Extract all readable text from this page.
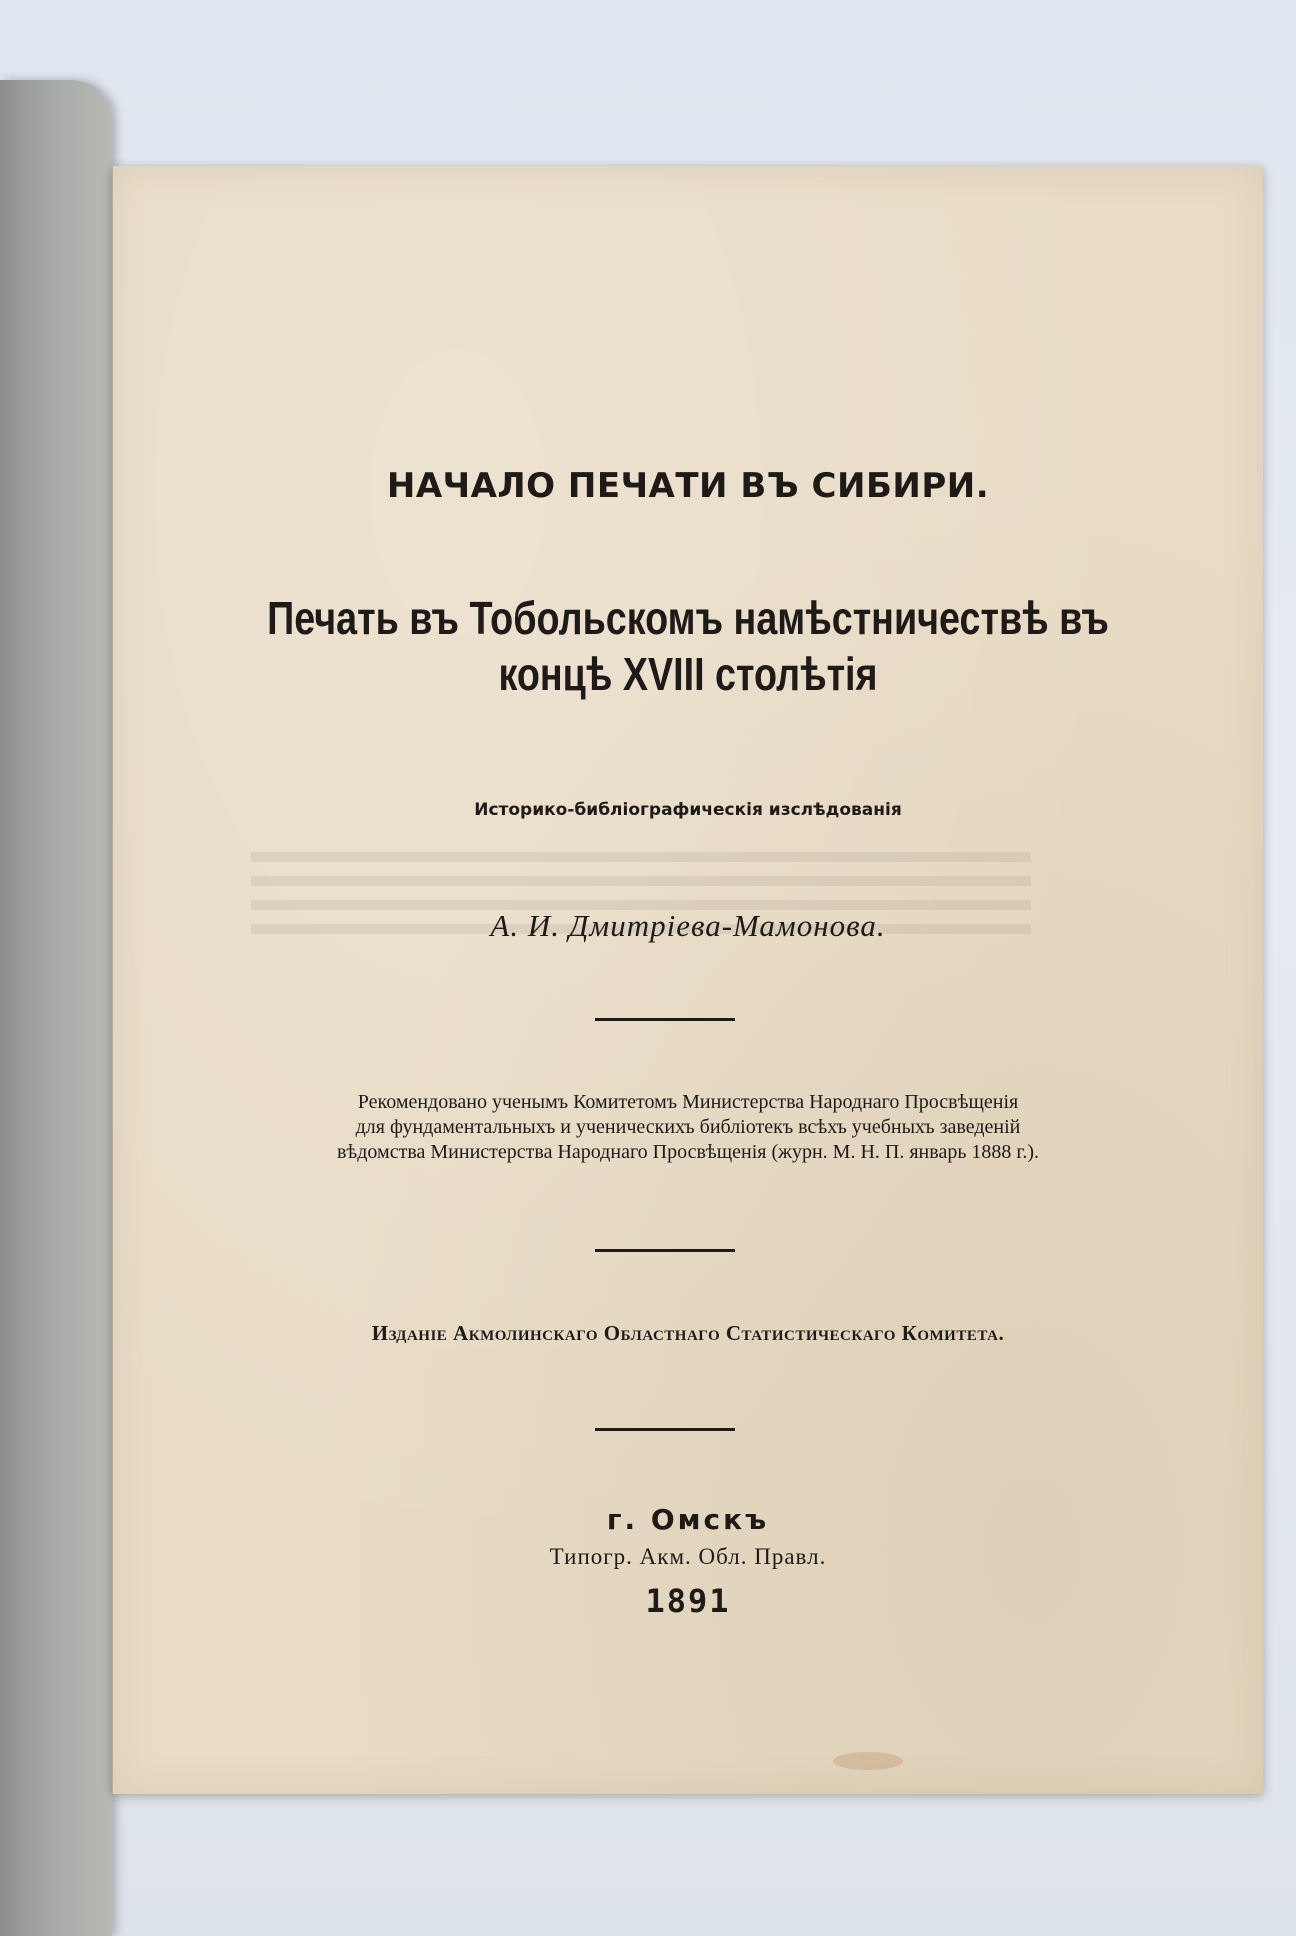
НАЧАЛО ПЕЧАТИ ВЪ СИБИРИ.
Печать въ Тобольскомъ намѣстничествѣ въ
концѣ XVIII столѣтія
Историко-библіографическія изслѣдованія
А. И. Дмитріева-Мамонова.
Рекомендовано ученымъ Комитетомъ Министерства Народнаго Просвѣщенія
для фундаментальныхъ и ученическихъ библіотекъ всѣхъ учебныхъ заведеній
вѣдомства Министерства Народнаго Просвѣщенія (журн. М. Н. П. январь 1888 г.).
Изданіе Акмолинскаго Областнаго Статистическаго Комитета.
г. Омскъ
Типогр. Акм. Обл. Правл.
1891
